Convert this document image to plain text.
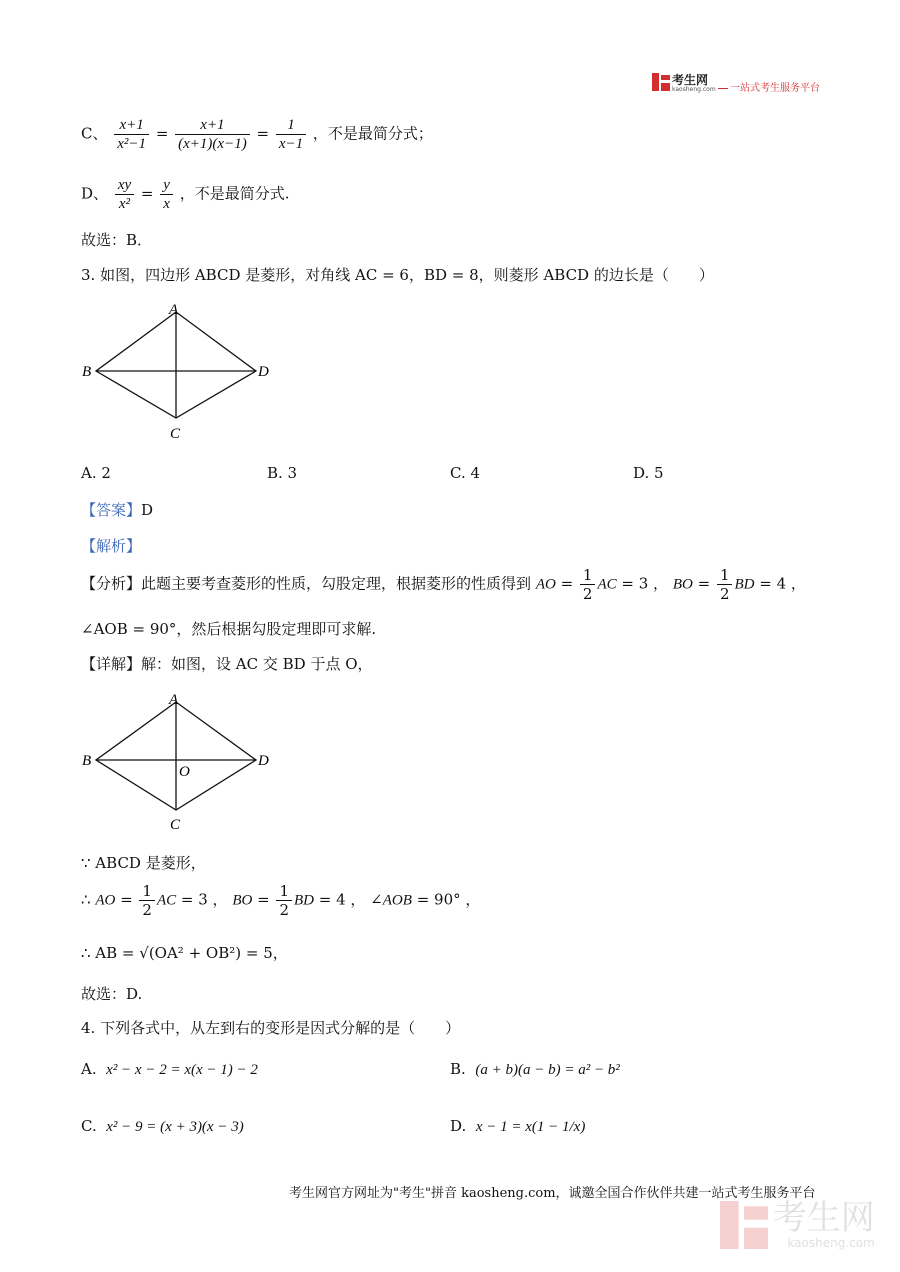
考生网
kaosheng.com	一站式考生服务平台
C、 $\frac{x+1}{\text{x²−1}} = \frac{x+1}{(x+1)(x-1)} = \frac{1}{x-1}$ ，不是最简分式；
D、 $\frac{xy}{\text{x²}} = \frac{y}{x}$ ，不是最简分式.
故选：B．
3. 如图，四边形 ABCD 是菱形，对角线 AC = 6，BD = 8，则菱形 ABCD 的边长是（　　）
A
B	D
C
A. 2	B. 3	C. 4	D. 5
【答案】D
【解析】
【分析】此题主要考查菱形的性质，勾股定理，根据菱形的性质得到 AO = $\frac{1}{2}$ AC = 3 ， BO = $\frac{1}{2}$ BD = 4 ，
∠AOB = 90°，然后根据勾股定理即可求解.
【详解】解：如图，设 AC 交 BD 于点 O，
A
B	D
O
C
∵ ABCD 是菱形，
∴ AO = $\frac{1}{2}$ AC = 3 ， BO = $\frac{1}{2}$ BD = 4 ， ∠AOB = 90° ，
∴ AB = √(OA² + OB²) = 5，
故选：D.
4. 下列各式中，从左到右的变形是因式分解的是（　　）
A. x² − x − 2 = x(x − 1) − 2	B. (a + b)(a − b) = a² − b²
C. x² − 9 = (x + 3)(x − 3)	D. x − 1 = x(1 − 1/x)
考生网官方网址为"考生"拼音 kaosheng.com，诚邀全国合作伙伴共建一站式考生服务平台

考生网
kaosheng.com
